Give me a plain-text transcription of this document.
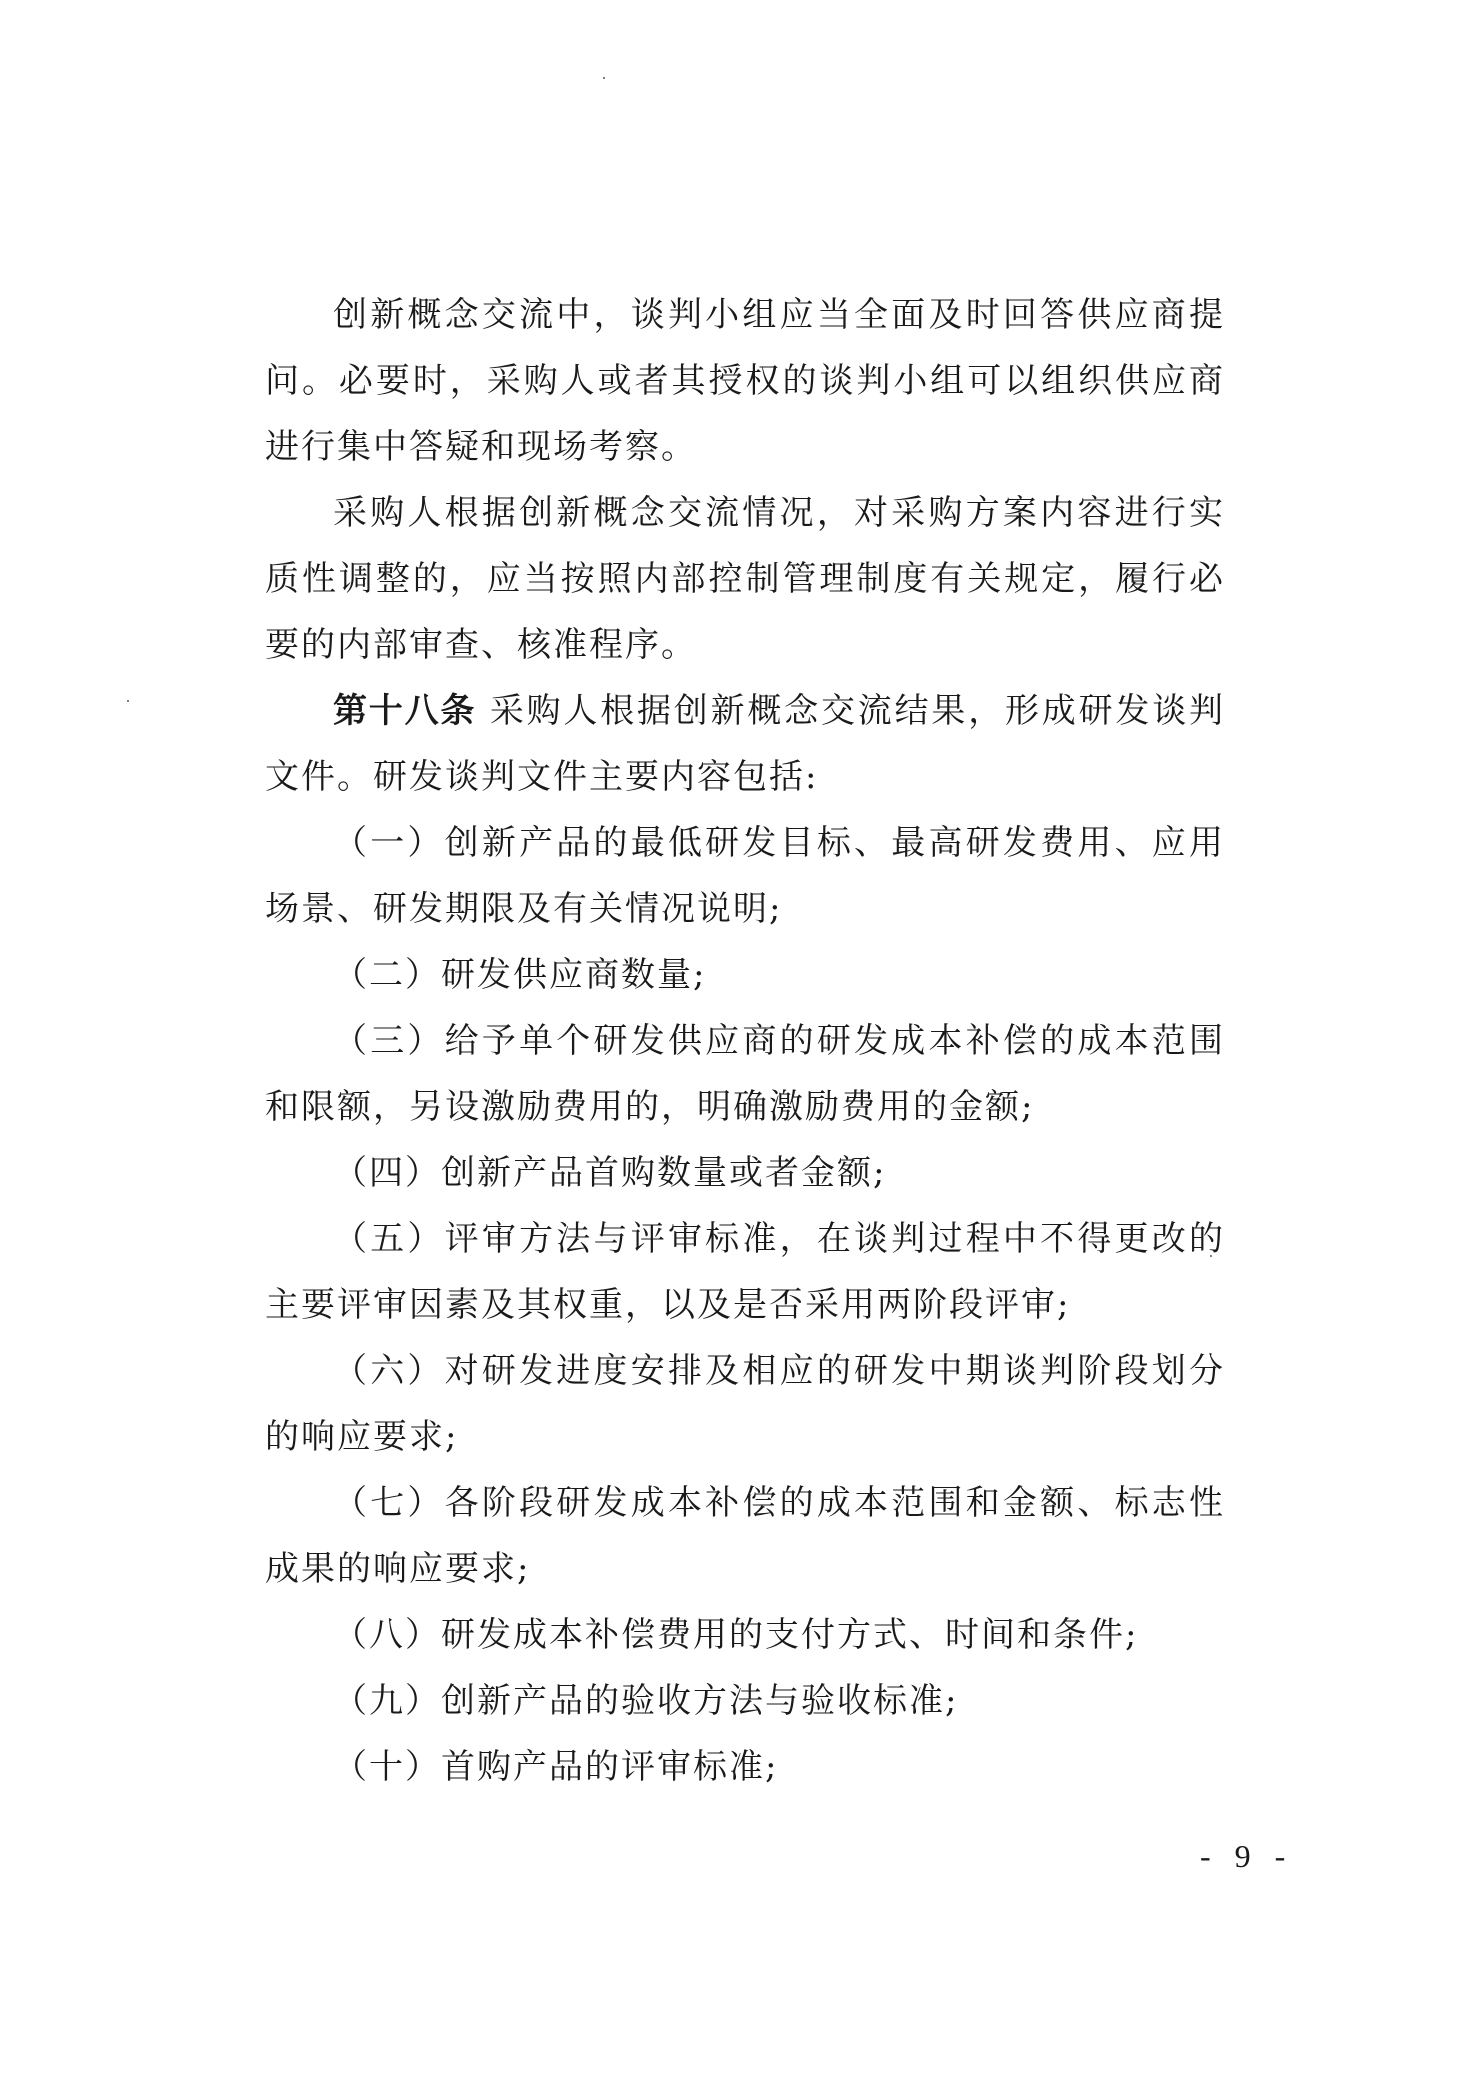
创新概念交流中，谈判小组应当全面及时回答供应商提问。必要时，采购人或者其授权的谈判小组可以组织供应商进行集中答疑和现场考察。

采购人根据创新概念交流情况，对采购方案内容进行实质性调整的，应当按照内部控制管理制度有关规定，履行必要的内部审查、核准程序。

第十八条 采购人根据创新概念交流结果，形成研发谈判文件。研发谈判文件主要内容包括:

（一）创新产品的最低研发目标、最高研发费用、应用场景、研发期限及有关情况说明;

（二）研发供应商数量;

（三）给予单个研发供应商的研发成本补偿的成本范围和限额，另设激励费用的，明确激励费用的金额;

（四）创新产品首购数量或者金额;

（五）评审方法与评审标准，在谈判过程中不得更改的主要评审因素及其权重，以及是否采用两阶段评审;

（六）对研发进度安排及相应的研发中期谈判阶段划分的响应要求;

（七）各阶段研发成本补偿的成本范围和金额、标志性成果的响应要求;

（八）研发成本补偿费用的支付方式、时间和条件;

（九）创新产品的验收方法与验收标准;

（十）首购产品的评审标准;

- 9 -
